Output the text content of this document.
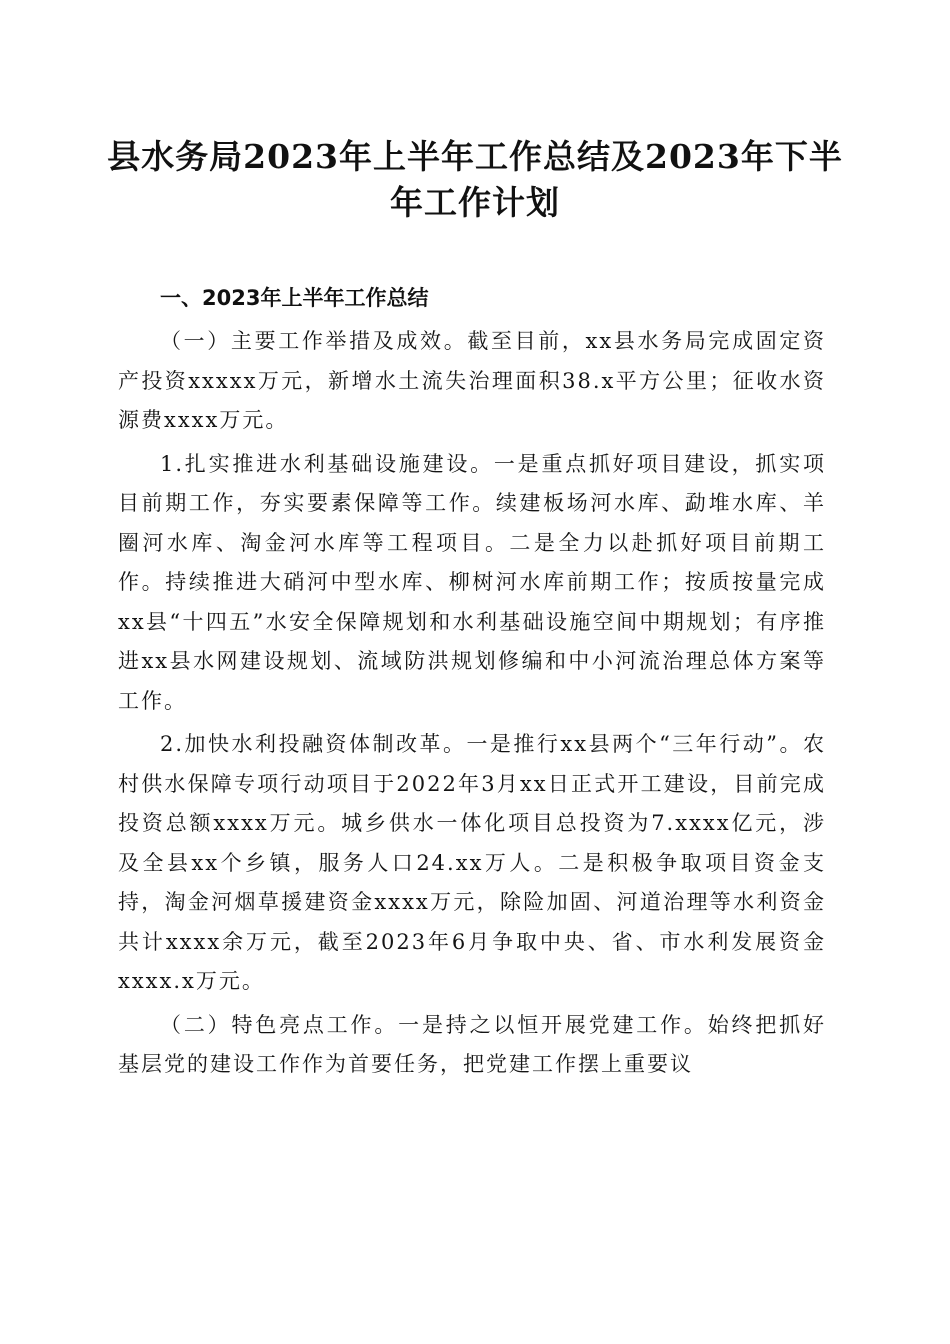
县水务局2023年上半年工作总结及2023年下半年工作计划
一、2023年上半年工作总结

（一）主要工作举措及成效。截至目前，xx县水务局完成固定资产投资xxxxx万元，新增水土流失治理面积38.x平方公里；征收水资源费xxxx万元。

1.扎实推进水利基础设施建设。一是重点抓好项目建设，抓实项目前期工作，夯实要素保障等工作。续建板场河水库、勐堆水库、羊圈河水库、淘金河水库等工程项目。二是全力以赴抓好项目前期工作。持续推进大硝河中型水库、柳树河水库前期工作；按质按量完成xx县“十四五”水安全保障规划和水利基础设施空间中期规划；有序推进xx县水网建设规划、流域防洪规划修编和中小河流治理总体方案等工作。

2.加快水利投融资体制改革。一是推行xx县两个“三年行动”。农村供水保障专项行动项目于2022年3月xx日正式开工建设，目前完成投资总额xxxx万元。城乡供水一体化项目总投资为7.xxxx亿元，涉及全县xx个乡镇，服务人口24.xx万人。二是积极争取项目资金支持，淘金河烟草援建资金xxxx万元，除险加固、河道治理等水利资金共计xxxx余万元，截至2023年6月争取中央、省、市水利发展资金xxxx.x万元。

（二）特色亮点工作。一是持之以恒开展党建工作。始终把抓好基层党的建设工作作为首要任务，把党建工作摆上重要议
